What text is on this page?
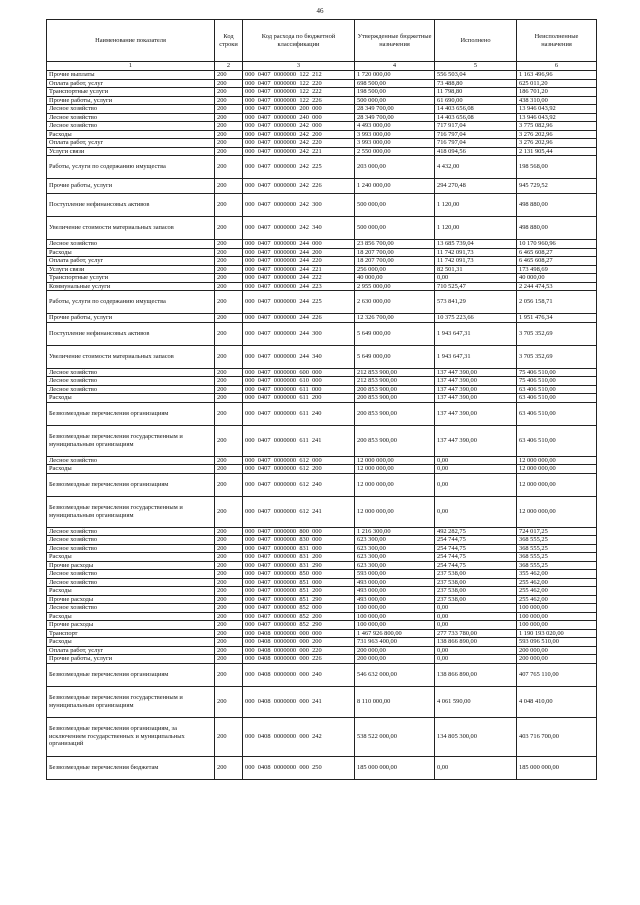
46
Наименование показателя	Код строки	Код расхода по бюджетной классификации	Утвержденные бюджетные назначения	Исполнено	Неисполненные назначения
1	2	3	4	5	6
Прочие выплаты	200	000  0407  0000000  122  212	1 720 000,00	556 503,04	1 163 496,96
Оплата работ, услуг	200	000  0407  0000000  122  220	698 500,00	73 488,80	625 011,20
Транспортные услуги	200	000  0407  0000000  122  222	198 500,00	11 798,80	186 701,20
Прочие работы, услуги	200	000  0407  0000000  122  226	500 000,00	61 690,00	438 310,00
Лесное хозяйство	200	000  0407  0000000  200  000	28 349 700,00	14 403 656,08	13 946 043,92
Лесное хозяйство	200	000  0407  0000000  240  000	28 349 700,00	14 403 656,08	13 946 043,92
Лесное хозяйство	200	000  0407  0000000  242  000	4 493 000,00	717 917,04	3 775 082,96
Расходы	200	000  0407  0000000  242  200	3 993 000,00	716 797,04	3 276 202,96
Оплата работ, услуг	200	000  0407  0000000  242  220	3 993 000,00	716 797,04	3 276 202,96
Услуги связи	200	000  0407  0000000  242  221	2 550 000,00	418 094,56	2 131 905,44
Работы, услуги по содержанию имущества	200	000  0407  0000000  242  225	203 000,00	4 432,00	198 568,00
Прочие работы, услуги	200	000  0407  0000000  242  226	1 240 000,00	294 270,48	945 729,52
Поступление нефинансовых активов	200	000  0407  0000000  242  300	500 000,00	1 120,00	498 880,00
Увеличение стоимости материальных запасов	200	000  0407  0000000  242  340	500 000,00	1 120,00	498 880,00
Лесное хозяйство	200	000  0407  0000000  244  000	23 856 700,00	13 685 739,04	10 170 960,96
Расходы	200	000  0407  0000000  244  200	18 207 700,00	11 742 091,73	6 465 608,27
Оплата работ, услуг	200	000  0407  0000000  244  220	18 207 700,00	11 742 091,73	6 465 608,27
Услуги связи	200	000  0407  0000000  244  221	256 000,00	82 501,31	173 498,69
Транспортные услуги	200	000  0407  0000000  244  222	40 000,00	0,00	40 000,00
Коммунальные услуги	200	000  0407  0000000  244  223	2 955 000,00	710 525,47	2 244 474,53
Работы, услуги по содержанию имущества	200	000  0407  0000000  244  225	2 630 000,00	573 841,29	2 056 158,71
Прочие работы, услуги	200	000  0407  0000000  244  226	12 326 700,00	10 375 223,66	1 951 476,34
Поступление нефинансовых активов	200	000  0407  0000000  244  300	5 649 000,00	1 943 647,31	3 705 352,69
Увеличение стоимости материальных запасов	200	000  0407  0000000  244  340	5 649 000,00	1 943 647,31	3 705 352,69
Лесное хозяйство	200	000  0407  0000000  600  000	212 853 900,00	137 447 390,00	75 406 510,00
Лесное хозяйство	200	000  0407  0000000  610  000	212 853 900,00	137 447 390,00	75 406 510,00
Лесное хозяйство	200	000  0407  0000000  611  000	200 853 900,00	137 447 390,00	63 406 510,00
Расходы	200	000  0407  0000000  611  200	200 853 900,00	137 447 390,00	63 406 510,00
Безвозмездные перечисления организациям	200	000  0407  0000000  611  240	200 853 900,00	137 447 390,00	63 406 510,00
Безвозмездные перечисления государственным и муниципальным организациям	200	000  0407  0000000  611  241	200 853 900,00	137 447 390,00	63 406 510,00
Лесное хозяйство	200	000  0407  0000000  612  000	12 000 000,00	0,00	12 000 000,00
Расходы	200	000  0407  0000000  612  200	12 000 000,00	0,00	12 000 000,00
Безвозмездные перечисления организациям	200	000  0407  0000000  612  240	12 000 000,00	0,00	12 000 000,00
Безвозмездные перечисления государственным и муниципальным организациям	200	000  0407  0000000  612  241	12 000 000,00	0,00	12 000 000,00
Лесное хозяйство	200	000  0407  0000000  800  000	1 216 300,00	492 282,75	724 017,25
Лесное хозяйство	200	000  0407  0000000  830  000	623 300,00	254 744,75	368 555,25
Лесное хозяйство	200	000  0407  0000000  831  000	623 300,00	254 744,75	368 555,25
Расходы	200	000  0407  0000000  831  200	623 300,00	254 744,75	368 555,25
Прочие расходы	200	000  0407  0000000  831  290	623 300,00	254 744,75	368 555,25
Лесное хозяйство	200	000  0407  0000000  850  000	593 000,00	237 538,00	355 462,00
Лесное хозяйство	200	000  0407  0000000  851  000	493 000,00	237 538,00	255 462,00
Расходы	200	000  0407  0000000  851  200	493 000,00	237 538,00	255 462,00
Прочие расходы	200	000  0407  0000000  851  290	493 000,00	237 538,00	255 462,00
Лесное хозяйство	200	000  0407  0000000  852  000	100 000,00	0,00	100 000,00
Расходы	200	000  0407  0000000  852  200	100 000,00	0,00	100 000,00
Прочие расходы	200	000  0407  0000000  852  290	100 000,00	0,00	100 000,00
Транспорт	200	000  0408  0000000  000  000	1 467 926 800,00	277 733 780,00	1 190 193 020,00
Расходы	200	000  0408  0000000  000  200	731 963 400,00	138 866 890,00	593 096 510,00
Оплата работ, услуг	200	000  0408  0000000  000  220	200 000,00	0,00	200 000,00
Прочие работы, услуги	200	000  0408  0000000  000  226	200 000,00	0,00	200 000,00
Безвозмездные перечисления организациям	200	000  0408  0000000  000  240	546 632 000,00	138 866 890,00	407 765 110,00
Безвозмездные перечисления государственным и муниципальным организациям	200	000  0408  0000000  000  241	8 110 000,00	4 061 590,00	4 048 410,00
Безвозмездные перечисления организациям, за исключением государственных и муниципальных организаций	200	000  0408  0000000  000  242	538 522 000,00	134 805 300,00	403 716 700,00
Безвозмездные перечисления бюджетам	200	000  0408  0000000  000  250	185 000 000,00	0,00	185 000 000,00
